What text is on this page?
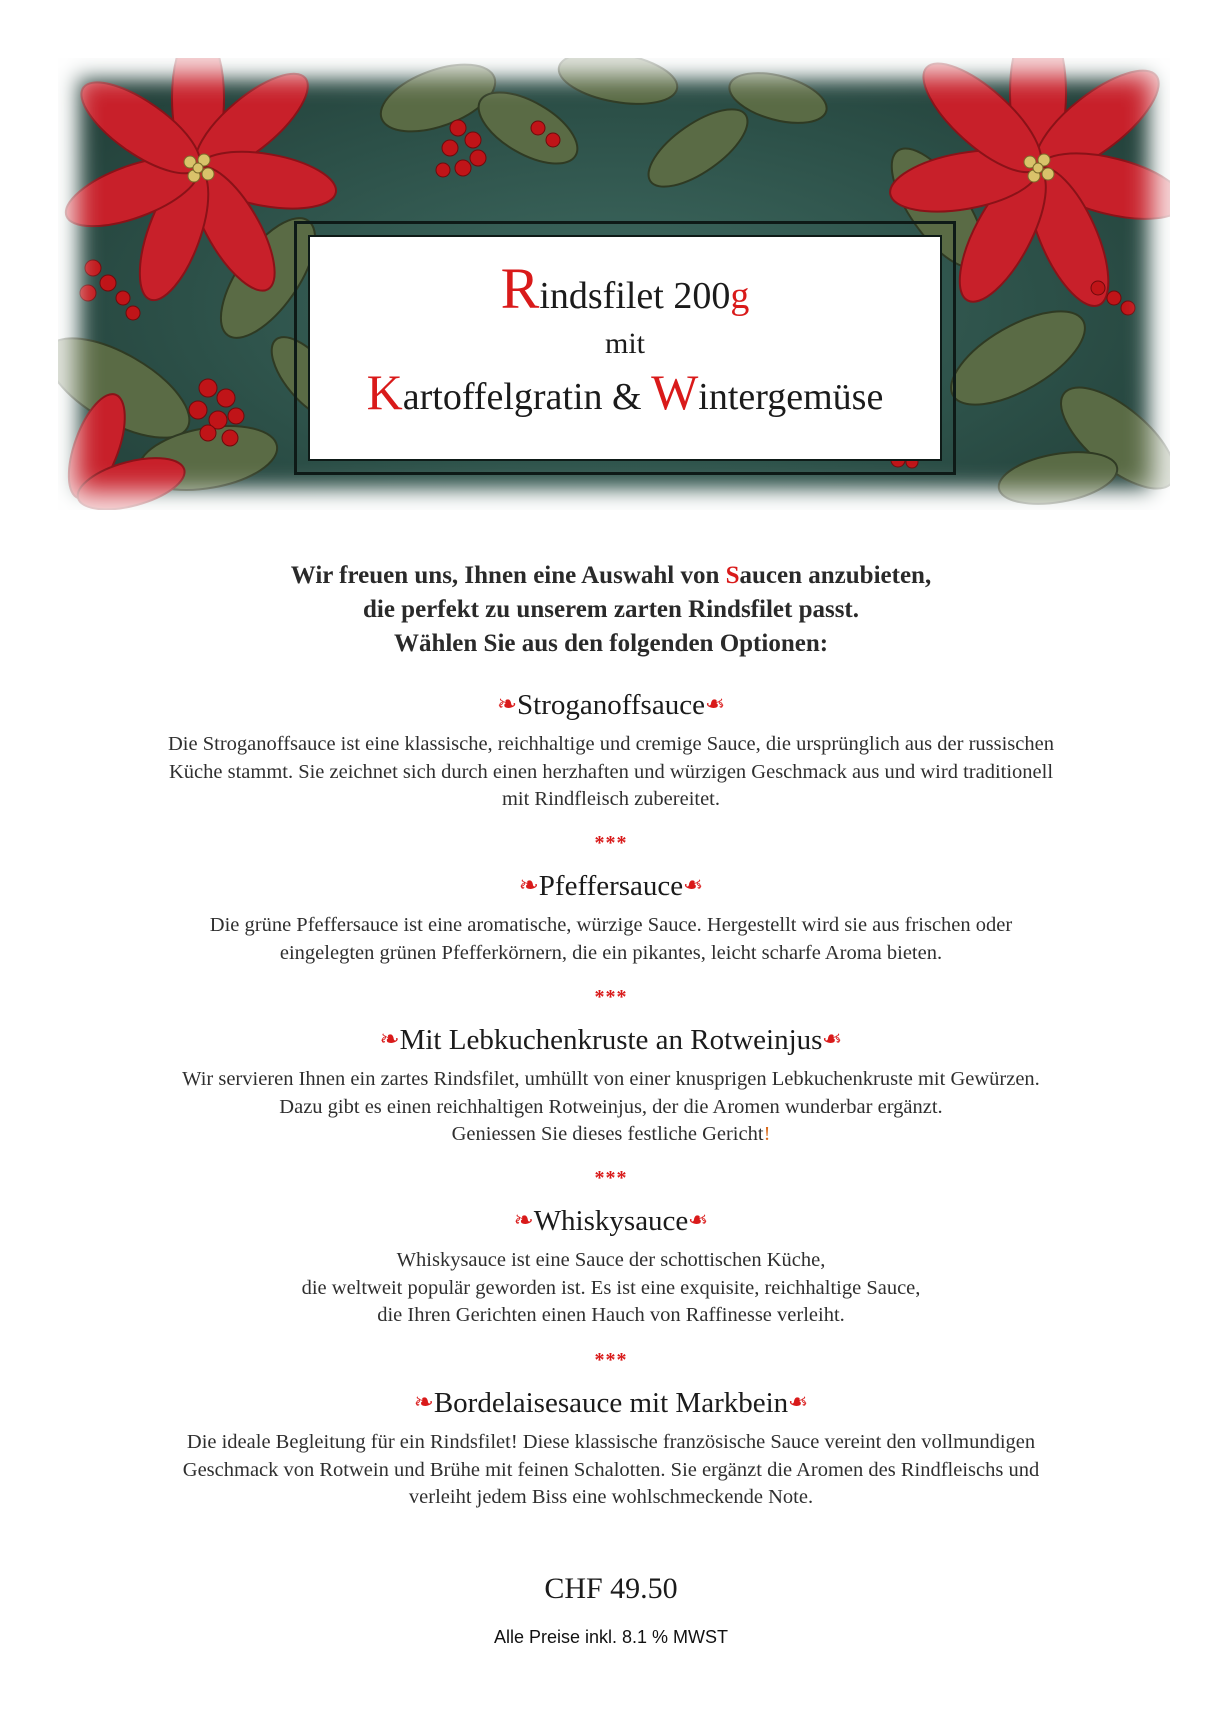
Rindsfilet 200g
mit
Kartoffelgratin & Wintergemüse
Wir freuen uns, Ihnen eine Auswahl von Saucen anzubieten,
die perfekt zu unserem zarten Rindsfilet passt.
Wählen Sie aus den folgenden Optionen:
❧Stroganoffsauce❧
Die Stroganoffsauce ist eine klassische, reichhaltige und cremige Sauce, die ursprünglich aus der russischen
Küche stammt. Sie zeichnet sich durch einen herzhaften und würzigen Geschmack aus und wird traditionell
mit Rindfleisch zubereitet.
***
❧Pfeffersauce❧
Die grüne Pfeffersauce ist eine aromatische, würzige Sauce. Hergestellt wird sie aus frischen oder
eingelegten grünen Pfefferkörnern, die ein pikantes, leicht scharfe Aroma bieten.
***
❧Mit Lebkuchenkruste an Rotweinjus❧
Wir servieren Ihnen ein zartes Rindsfilet, umhüllt von einer knusprigen Lebkuchenkruste mit Gewürzen.
Dazu gibt es einen reichhaltigen Rotweinjus, der die Aromen wunderbar ergänzt.
Geniessen Sie dieses festliche Gericht!
***
❧Whiskysauce❧
Whiskysauce ist eine Sauce der schottischen Küche,
die weltweit populär geworden ist. Es ist eine exquisite, reichhaltige Sauce,
die Ihren Gerichten einen Hauch von Raffinesse verleiht.
***
❧Bordelaisesauce mit Markbein❧
Die ideale Begleitung für ein Rindsfilet! Diese klassische französische Sauce vereint den vollmundigen
Geschmack von Rotwein und Brühe mit feinen Schalotten. Sie ergänzt die Aromen des Rindfleischs und
verleiht jedem Biss eine wohlschmeckende Note.
CHF 49.50
Alle Preise inkl. 8.1 % MWST
